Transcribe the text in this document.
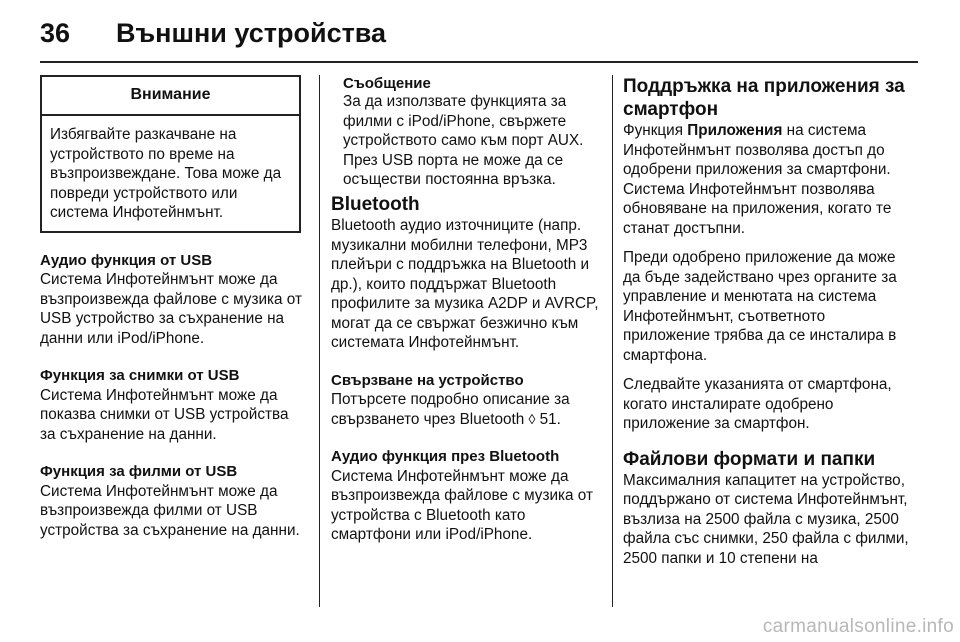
36 Външни устройства
Внимание
Избягвайте разкачване на устройството по време на възпроизвеждане. Това може да повреди устройството или система Инфотейнмънт.
Аудио функция от USB
Система Инфотейнмънт може да възпроизвежда файлове с музика от USB устройство за съхранение на данни или iPod/iPhone.
Функция за снимки от USB
Система Инфотейнмънт може да показва снимки от USB устройства за съхранение на данни.
Функция за филми от USB
Система Инфотейнмънт може да възпроизвежда филми от USB устройства за съхранение на данни.
Съобщение
За да използвате функцията за филми с iPod/iPhone, свържете устройството само към порт AUX. През USB порта не може да се осъществи постоянна връзка.
Bluetooth
Bluetooth аудио източниците (напр. музикални мобилни телефони, MP3 плейъри с поддръжка на Bluetooth и др.), които поддържат Bluetooth профилите за музика A2DP и AVRCP, могат да се свържат безжично към системата Инфотейнмънт.
Свързване на устройство
Потърсете подробно описание за свързването чрез Bluetooth ◊ 51.
Аудио функция през Bluetooth
Система Инфотейнмънт може да възпроизвежда файлове с музика от устройства с Bluetooth като смартфони или iPod/iPhone.
Поддръжка на приложения за смартфон
Функция Приложения на система Инфотейнмънт позволява достъп до одобрени приложения за смартфони. Система Инфотейнмънт позволява обновяване на приложения, когато те станат достъпни.
Преди одобрено приложение да може да бъде задействано чрез органите за управление и менютата на система Инфотейнмънт, съответното приложение трябва да се инсталира в смартфона.
Следвайте указанията от смартфона, когато инсталирате одобрено приложение за смартфон.
Файлови формати и папки
Максималния капацитет на устройство, поддържано от система Инфотейнмънт, възлиза на 2500 файла с музика, 2500 файла със снимки, 250 файла с филми, 2500 папки и 10 степени на
carmanualsonline.info
